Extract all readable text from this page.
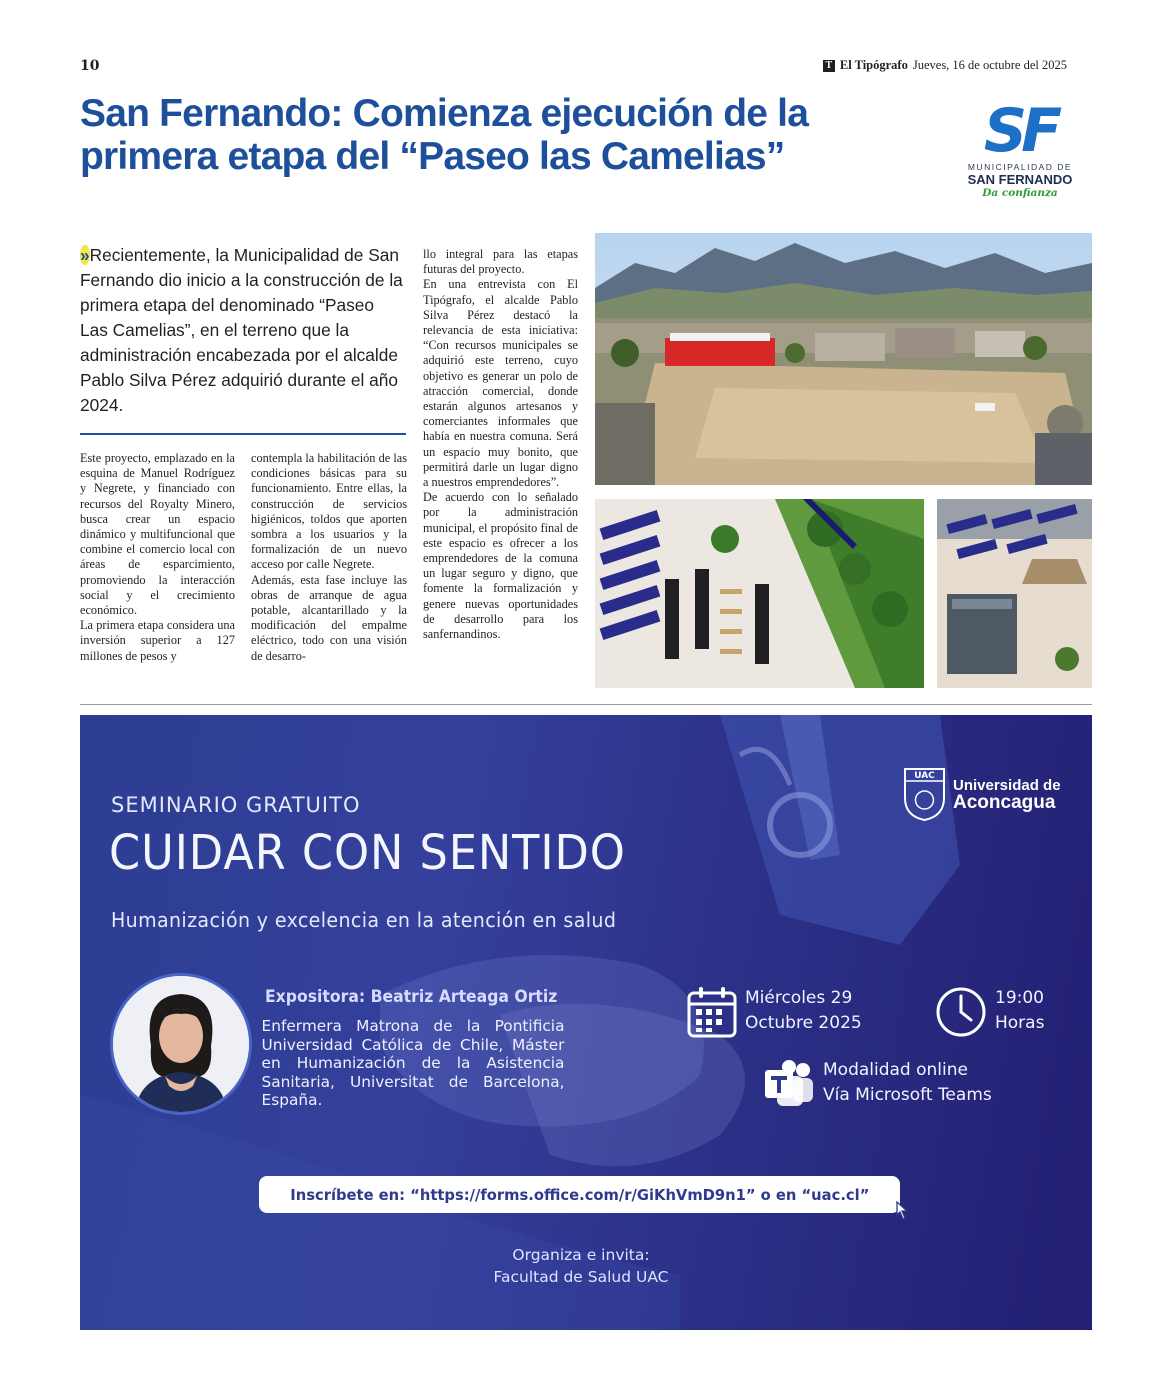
10	T El Tipógrafo Jueves, 16 de octubre del 2025
San Fernando: Comienza ejecución de la primera etapa del “Paseo las Camelias”	SF
MUNICIPALIDAD DE
SAN FERNANDO
Da confianza

»Recientemente, la Municipalidad de San Fernando dio inicio a la construcción de la primera etapa del denominado “Paseo Las Camelias”, en el terreno que la administración encabezada por el alcalde Pablo Silva Pérez adquirió durante el año 2024.

Este proyecto, emplazado en la esquina de Manuel Rodríguez y Negrete, y financiado con recursos del Royalty Minero, busca crear un espacio dinámico y multifuncional que combine el comercio local con áreas de esparcimiento, promoviendo la interacción social y el crecimiento económico.

La primera etapa considera una inversión superior a 127 millones de pesos y

contempla la habilitación de las condiciones básicas para su funcionamiento. Entre ellas, la construcción de servicios higiénicos, toldos que aporten sombra a los usuarios y la formalización de un nuevo acceso por calle Negrete.

Además, esta fase incluye las obras de arranque de agua potable, alcantarillado y la modificación del empalme eléctrico, todo con una visión de desarro-

llo integral para las etapas futuras del proyecto.

En una entrevista con El Tipógrafo, el alcalde Pablo Silva Pérez destacó la relevancia de esta iniciativa: “Con recursos municipales se adquirió este terreno, cuyo objetivo es generar un polo de atracción comercial, donde estarán algunos artesanos y comerciantes informales que había en nuestra comuna. Será un espacio muy bonito, que permitirá darle un lugar digno a nuestros emprendedores”.

De acuerdo con lo señalado por la administración municipal, el propósito final de este espacio es ofrecer a los emprendedores de la comuna un lugar seguro y digno, que fomente la formalización y genere nuevas oportunidades de desarrollo para los sanfernandinos.

SEMINARIO GRATUITO
CUIDAR CON SENTIDO
Humanización y excelencia en la atención en salud
UAC
Universidad de
Aconcagua
Expositora: Beatriz Arteaga Ortiz

Enfermera Matrona de la Pontificia Universidad Católica de Chile, Máster en Humanización de la Asistencia Sanitaria, Universitat de Barcelona, España.

Miércoles 29
Octubre 2025
19:00
Horas
Modalidad online
Vía Microsoft Teams
Inscríbete en: “https://forms.office.com/r/GiKhVmD9n1” o en “uac.cl”
Organiza e invita:
Facultad de Salud UAC
